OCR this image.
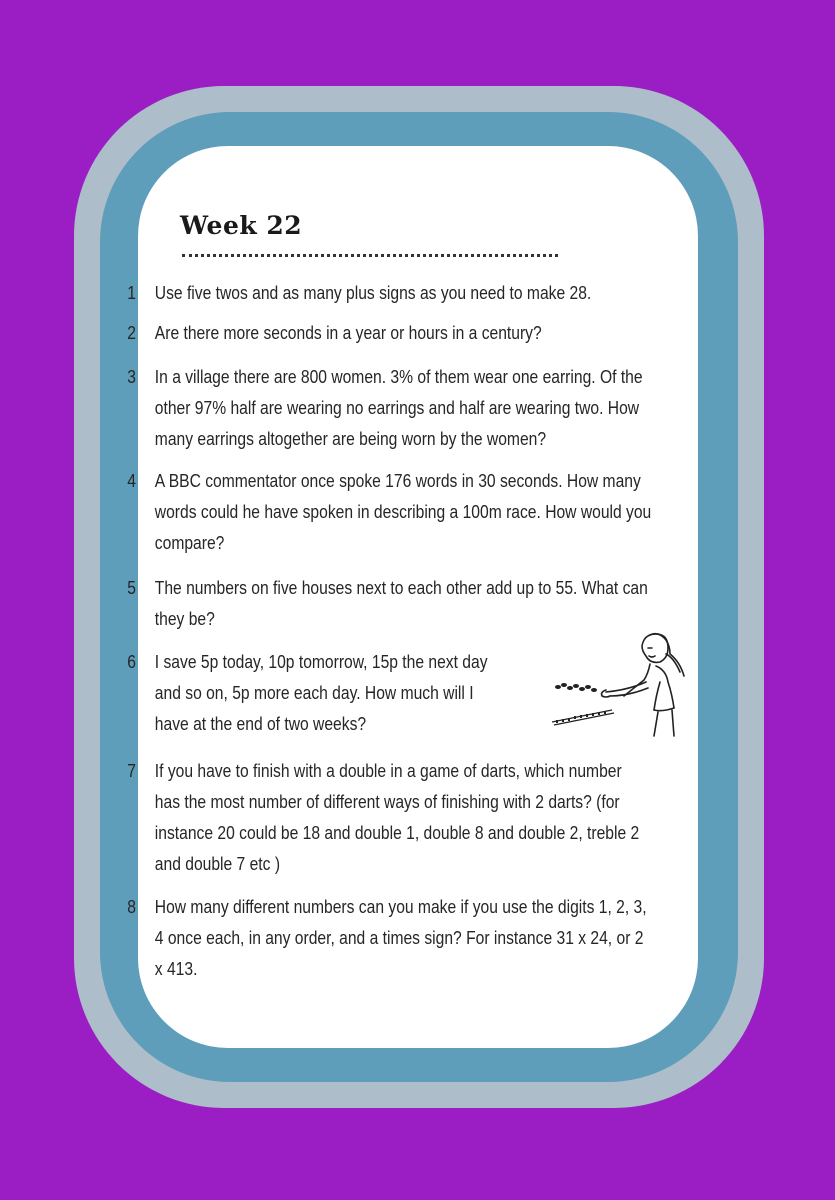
Week 22
1 Use five twos and as many plus signs as you need to make 28.
2 Are there more seconds in a year or hours in a century?
3 In a village there are 800 women. 3% of them wear one earring. Of the
other 97% half are wearing no earrings and half are wearing two. How
many earrings altogether are being worn by the women?
4 A BBC commentator once spoke 176 words in 30 seconds. How many
words could he have spoken in describing a 100m race. How would you
compare?
5 The numbers on five houses next to each other add up to 55. What can
they be?
6 I save 5p today, 10p tomorrow, 15p the next day
and so on, 5p more each day. How much will I
have at the end of two weeks?
7 If you have to finish with a double in a game of darts, which number
has the most number of different ways of finishing with 2 darts? (for
instance 20 could be 18 and double 1, double 8 and double 2, treble 2
and double 7 etc )
8 How many different numbers can you make if you use the digits 1, 2, 3,
4 once each, in any order, and a times sign? For instance 31 x 24, or 2
x 413.
